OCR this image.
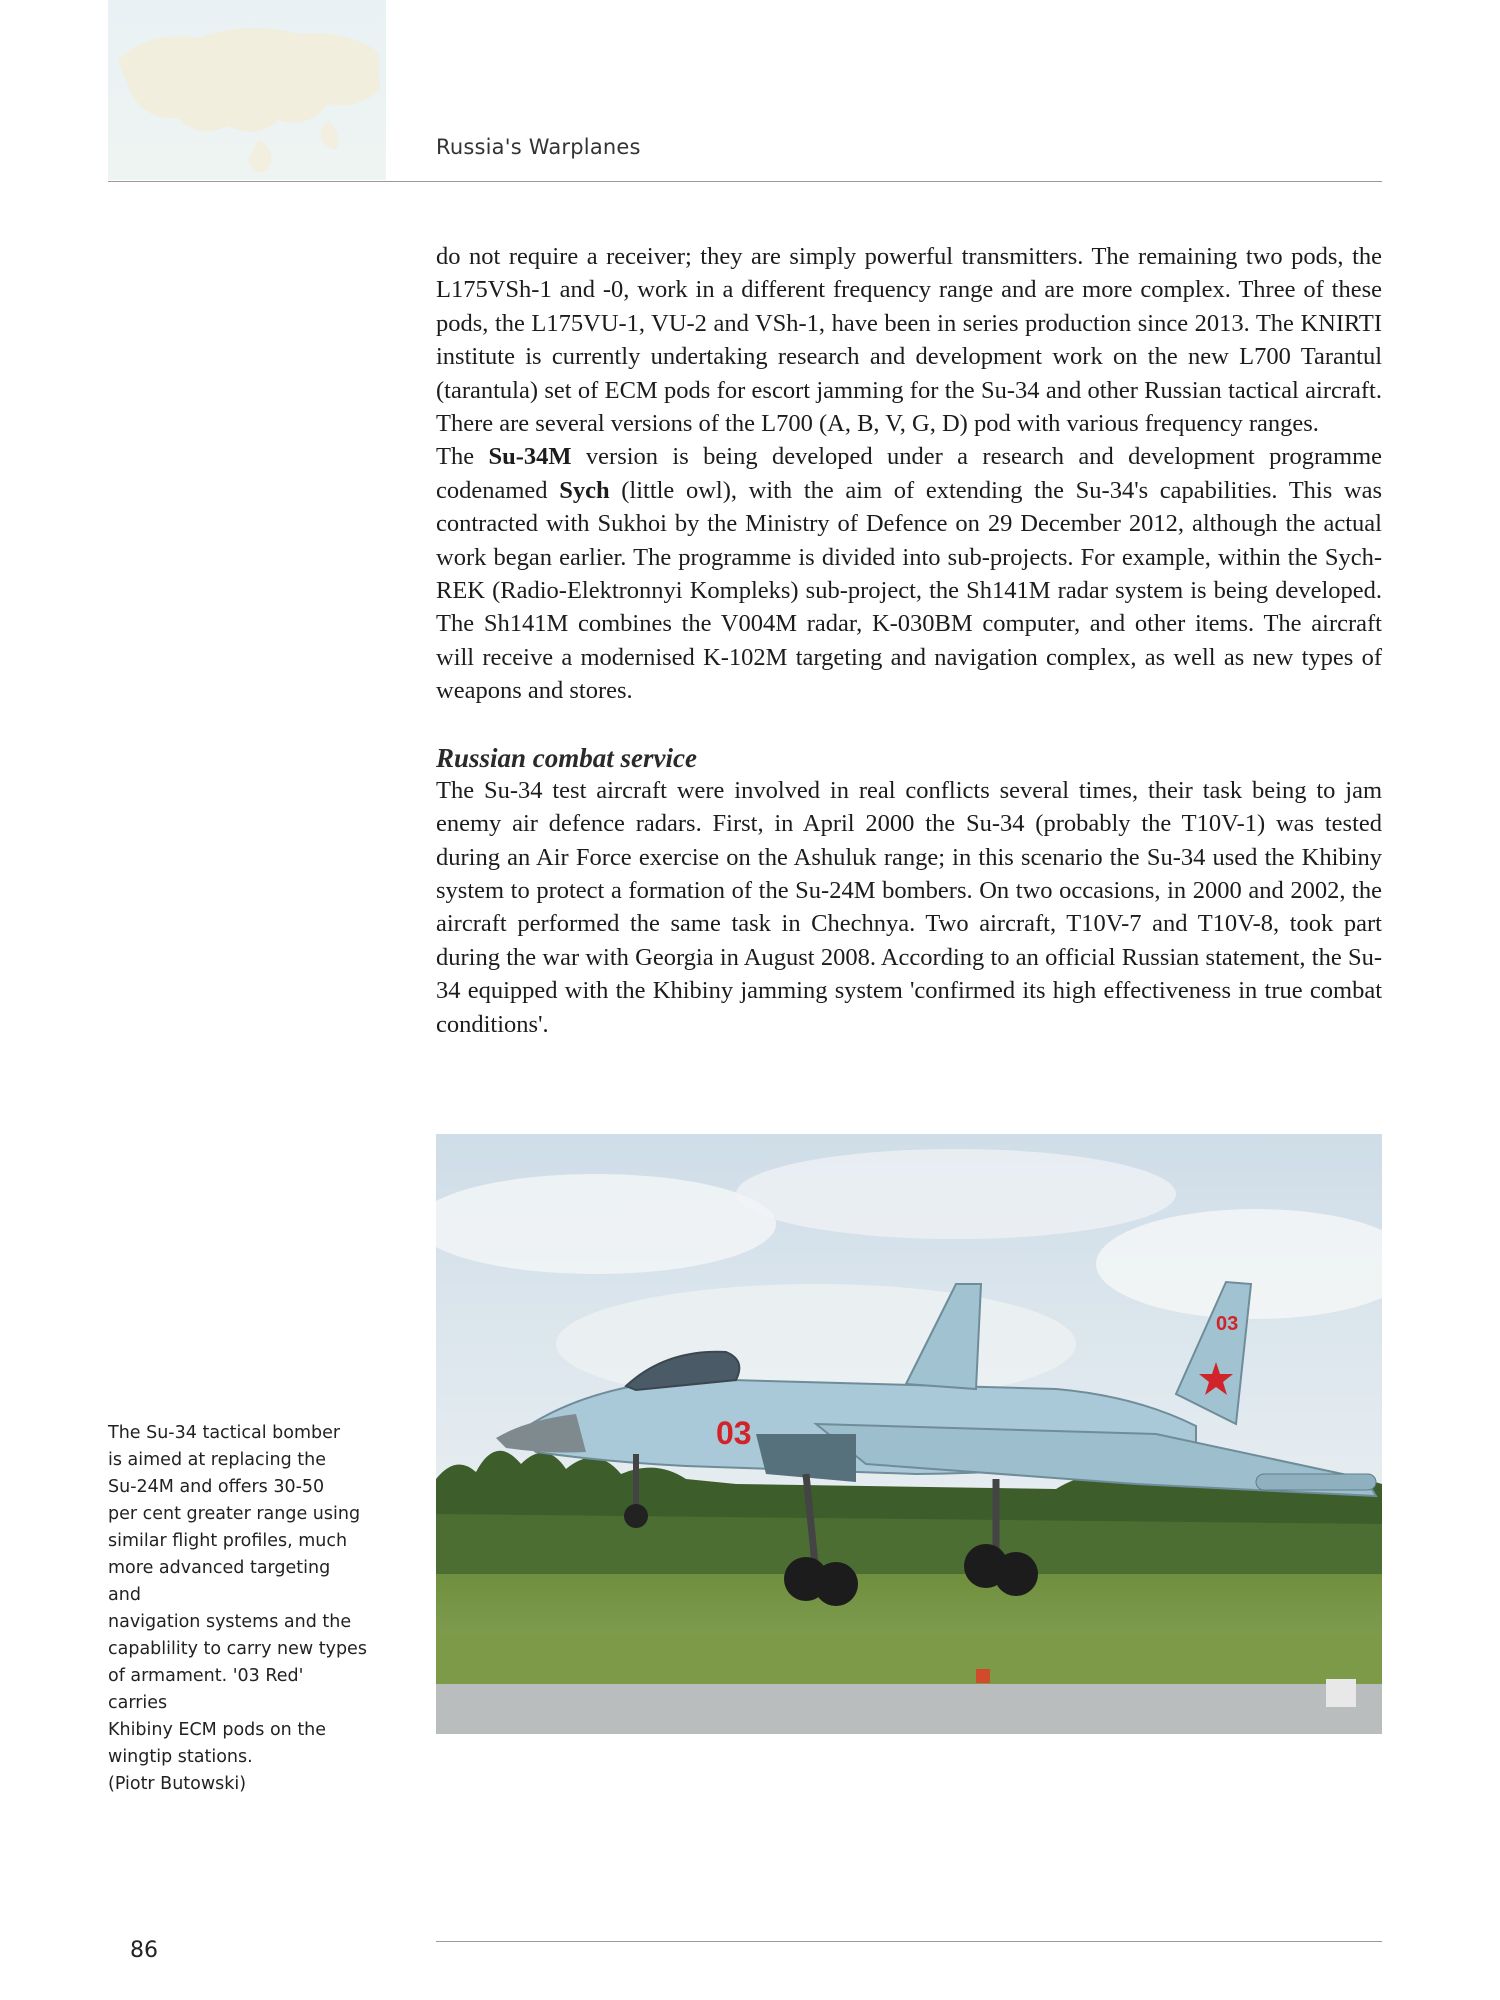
Russia's Warplanes

do not require a receiver; they are simply powerful transmitters. The remaining two pods, the L175VSh-1 and -0, work in a different frequency range and are more complex. Three of these pods, the L175VU-1, VU-2 and VSh-1, have been in series production since 2013. The KNIRTI institute is currently undertaking research and development work on the new L700 Tarantul (tarantula) set of ECM pods for escort jamming for the Su-34 and other Russian tactical aircraft. There are several versions of the L700 (A, B, V, G, D) pod with various frequency ranges.

The Su-34M version is being developed under a research and development programme codenamed Sych (little owl), with the aim of extending the Su-34's capabilities. This was contracted with Sukhoi by the Ministry of Defence on 29 December 2012, although the actual work began earlier. The programme is divided into sub-projects. For example, within the Sych-REK (Radio-Elektronnyi Kompleks) sub-project, the Sh141M radar system is being developed. The Sh141M combines the V004M radar, K-030BM computer, and other items. The aircraft will receive a modernised K-102M targeting and navigation complex, as well as new types of weapons and stores.

Russian combat service

The Su-34 test aircraft were involved in real conflicts several times, their task being to jam enemy air defence radars. First, in April 2000 the Su-34 (probably the T10V-1) was tested during an Air Force exercise on the Ashuluk range; in this scenario the Su-34 used the Khibiny system to protect a formation of the Su-24M bombers. On two occasions, in 2000 and 2002, the aircraft performed the same task in Chechnya. Two aircraft, T10V-7 and T10V-8, took part during the war with Georgia in August 2008. According to an official Russian statement, the Su-34 equipped with the Khibiny jamming system 'confirmed its high effectiveness in true combat conditions'.

03
03
The Su-34 tactical bomber
is aimed at replacing the
Su-24M and offers 30-50
per cent greater range using
similar flight profiles, much
more advanced targeting and
navigation systems and the
capablility to carry new types
of armament. '03 Red' carries
Khibiny ECM pods on the
wingtip stations.
(Piotr Butowski)
86
